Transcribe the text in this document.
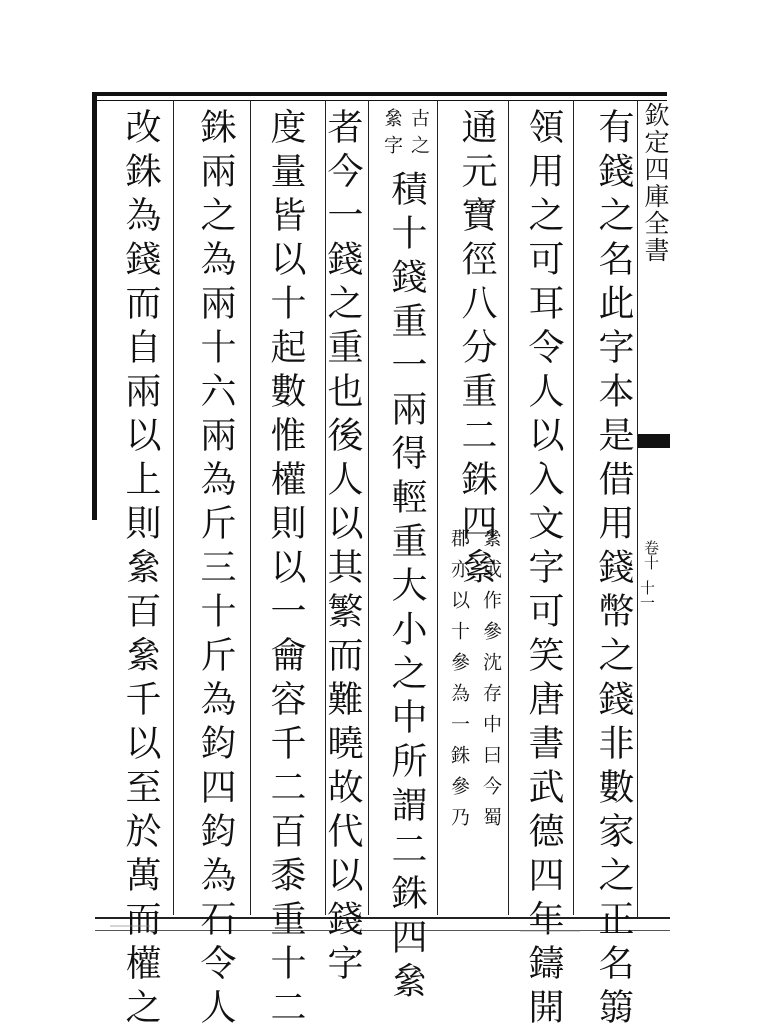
欽定四庫全書
卷十
十一
有錢之名此字本是借用錢幣之錢非數家之正名篛
領用之可耳令人以入文字可笑唐書武德四年鑄開
通元寶徑八分重二銖四絫
絫或作參沈存中曰今蜀
郡亦以十參為一銖參乃
古之
絫字
積十錢重一兩得輕重大小之中所謂二銖四絫
者今一錢之重也後人以其繁而難曉故代以錢字
度量皆以十起數惟權則以一龠容千二百黍重十二
銖兩之為兩十六兩為斤三十斤為鈞四鈞為石令人
改銖為錢而自兩以上則絫百絫千以至於萬而權之
